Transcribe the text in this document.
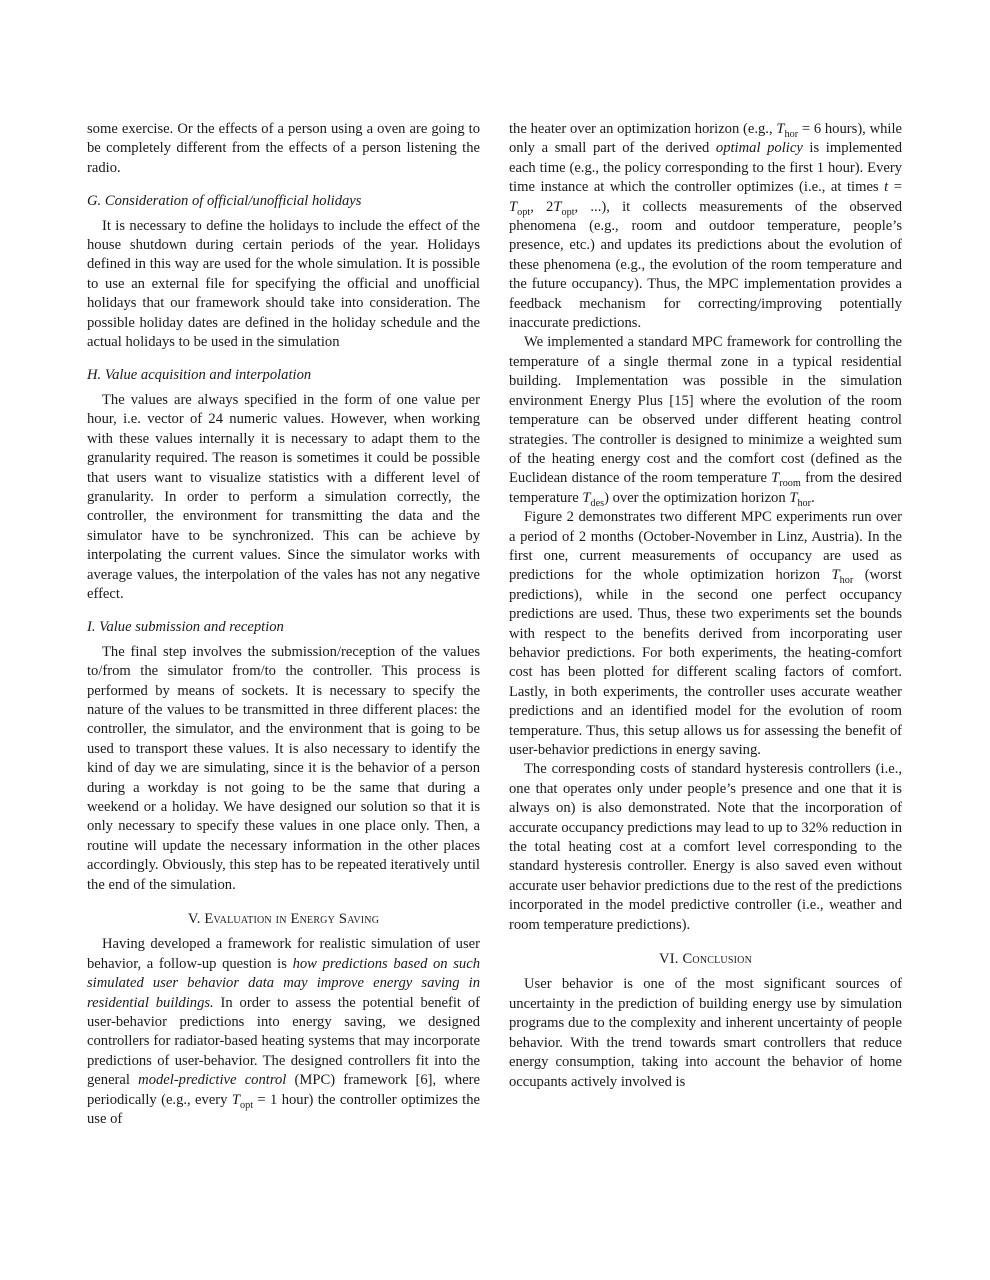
some exercise. Or the effects of a person using a oven are going to be completely different from the effects of a person listening the radio.

G. Consideration of official/unofficial holidays

It is necessary to define the holidays to include the effect of the house shutdown during certain periods of the year. Holidays defined in this way are used for the whole simulation. It is possible to use an external file for specifying the official and unofficial holidays that our framework should take into consideration. The possible holiday dates are defined in the holiday schedule and the actual holidays to be used in the simulation

H. Value acquisition and interpolation

The values are always specified in the form of one value per hour, i.e. vector of 24 numeric values. However, when working with these values internally it is necessary to adapt them to the granularity required. The reason is sometimes it could be possible that users want to visualize statistics with a different level of granularity. In order to perform a simulation correctly, the controller, the environment for transmitting the data and the simulator have to be synchronized. This can be achieve by interpolating the current values. Since the simulator works with average values, the interpolation of the vales has not any negative effect.

I. Value submission and reception

The final step involves the submission/reception of the values to/from the simulator from/to the controller. This process is performed by means of sockets. It is necessary to specify the nature of the values to be transmitted in three different places: the controller, the simulator, and the environment that is going to be used to transport these values. It is also necessary to identify the kind of day we are simulating, since it is the behavior of a person during a workday is not going to be the same that during a weekend or a holiday. We have designed our solution so that it is only necessary to specify these values in one place only. Then, a routine will update the necessary information in the other places accordingly. Obviously, this step has to be repeated iteratively until the end of the simulation.

V. Evaluation in Energy Saving

Having developed a framework for realistic simulation of user behavior, a follow-up question is how predictions based on such simulated user behavior data may improve energy saving in residential buildings. In order to assess the potential benefit of user-behavior predictions into energy saving, we designed controllers for radiator-based heating systems that may incorporate predictions of user-behavior. The designed controllers fit into the general model-predictive control (MPC) framework [6], where periodically (e.g., every $T_{opt} = 1$ hour) the controller optimizes the use of

the heater over an optimization horizon (e.g., $T_{hor} = 6$ hours), while only a small part of the derived optimal policy is implemented each time (e.g., the policy corresponding to the first 1 hour). Every time instance at which the controller optimizes (i.e., at times $t = T_{opt}$, $2T_{opt}$, ...), it collects measurements of the observed phenomena (e.g., room and outdoor temperature, people’s presence, etc.) and updates its predictions about the evolution of these phenomena (e.g., the evolution of the room temperature and the future occupancy). Thus, the MPC implementation provides a feedback mechanism for correcting/improving potentially inaccurate predictions.

We implemented a standard MPC framework for controlling the temperature of a single thermal zone in a typical residential building. Implementation was possible in the simulation environment Energy Plus [15] where the evolution of the room temperature can be observed under different heating control strategies. The controller is designed to minimize a weighted sum of the heating energy cost and the comfort cost (defined as the Euclidean distance of the room temperature $T_{room}$ from the desired temperature $T_{des}$) over the optimization horizon $T_{hor}$.

Figure 2 demonstrates two different MPC experiments run over a period of 2 months (October-November in Linz, Austria). In the first one, current measurements of occupancy are used as predictions for the whole optimization horizon $T_{hor}$ (worst predictions), while in the second one perfect occupancy predictions are used. Thus, these two experiments set the bounds with respect to the benefits derived from incorporating user behavior predictions. For both experiments, the heating-comfort cost has been plotted for different scaling factors of comfort. Lastly, in both experiments, the controller uses accurate weather predictions and an identified model for the evolution of room temperature. Thus, this setup allows us for assessing the benefit of user-behavior predictions in energy saving.

The corresponding costs of standard hysteresis controllers (i.e., one that operates only under people’s presence and one that it is always on) is also demonstrated. Note that the incorporation of accurate occupancy predictions may lead to up to 32% reduction in the total heating cost at a comfort level corresponding to the standard hysteresis controller. Energy is also saved even without accurate user behavior predictions due to the rest of the predictions incorporated in the model predictive controller (i.e., weather and room temperature predictions).

VI. Conclusion

User behavior is one of the most significant sources of uncertainty in the prediction of building energy use by simulation programs due to the complexity and inherent uncertainty of people behavior. With the trend towards smart controllers that reduce energy consumption, taking into account the behavior of home occupants actively involved is
